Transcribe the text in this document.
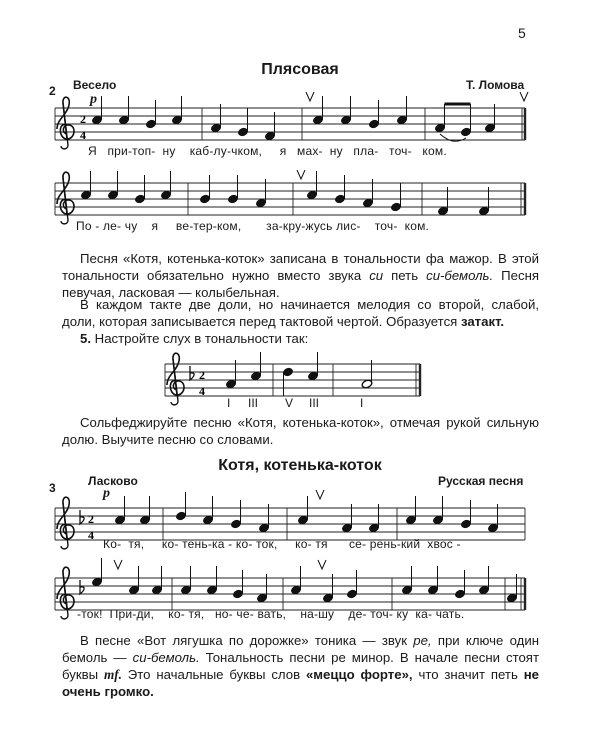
5
Плясовая
2 Весело
p
Т. Ломова
2
4
2
4
2
4
Я   при-топ-  ну    каб-лу-чком,     я   мах-  ну   пла-   точ-   ком.
По - ле- чу    я     ве-тер-ком,       за-кру-жусь лис-    точ-  ком.
Песня «Котя, котенька-коток» записана в тональности фа мажор. В этой тональности обязательно нужно вместо звука си петь си-бемоль. Песня певучая, ласковая — колыбельная.
В каждом такте две доли, но начинается мелодия со второй, слабой, доли, которая записывается перед тактовой чертой. Образуется затакт.
5. Настройте слух в тональности так:
I III V III	I
Сольфеджируйте песню «Котя, котенька-коток», отмечая рукой сильную долю. Выучите песню со словами.
Котя, котенька-коток
3	Ласково
p
Русская песня
Ко-  тя,     ко- тень-ка - ко- ток,     ко- тя      се- рень-кий  хвос -
-ток!  При-ди,    ко- тя,   но- че- вать,    на-шу    де- точ- ку  ка- чать.
В песне «Вот лягушка по дорожке» тоника — звук ре, при ключе один бемоль — си-бемоль. Тональность песни ре минор. В начале песни стоят буквы mf. Это начальные буквы слов «меццо форте», что значит петь не очень громко.
